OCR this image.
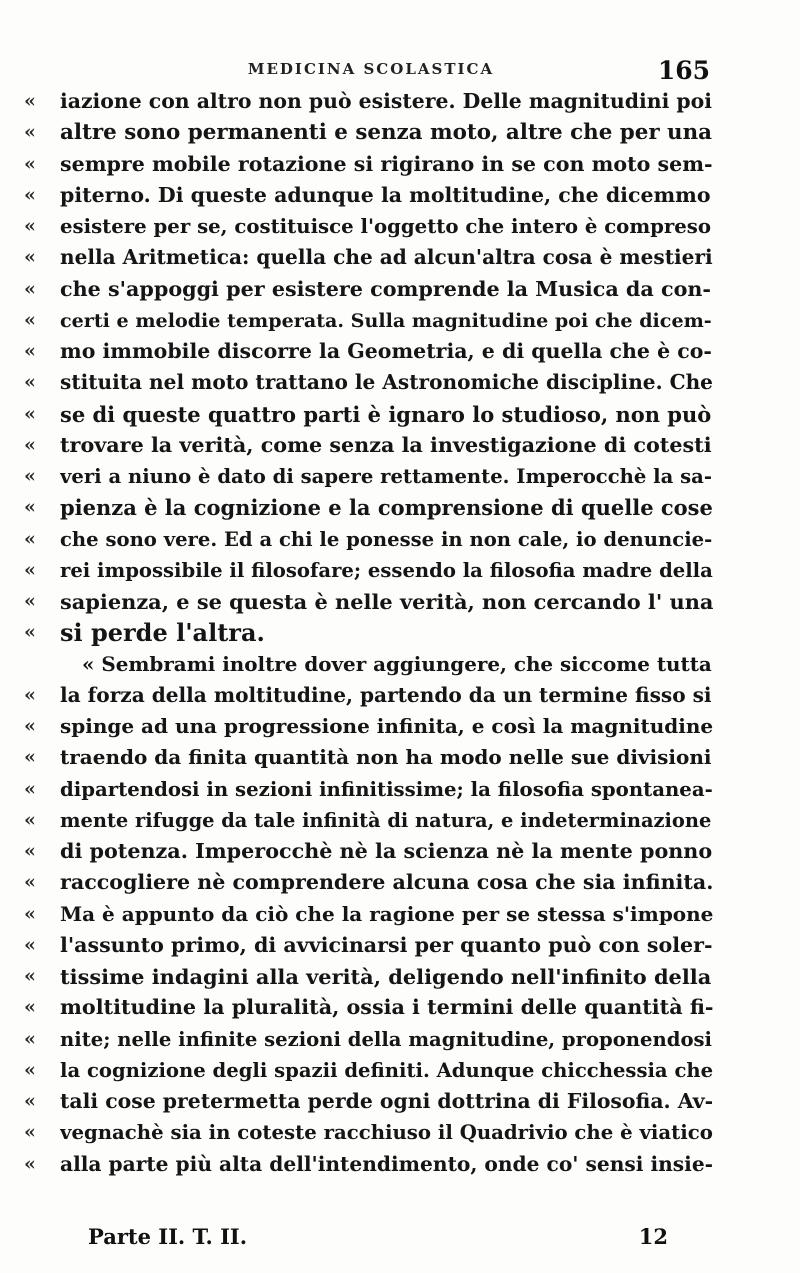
MEDICINA SCOLASTICA	165
«	iazione con altro non può esistere. Delle magnitudini poi
«	altre sono permanenti e senza moto, altre che per una
«	sempre mobile rotazione si rigirano in se con moto sem-
«	piterno. Di queste adunque la moltitudine, che dicemmo
«	esistere per se, costituisce l'oggetto che intero è compreso
«	nella Aritmetica: quella che ad alcun'altra cosa è mestieri
«	che s'appoggi per esistere comprende la Musica da con-
«	certi e melodie temperata. Sulla magnitudine poi che dicem-
«	mo immobile discorre la Geometria, e di quella che è co-
«	stituita nel moto trattano le Astronomiche discipline. Che
«	se di queste quattro parti è ignaro lo studioso, non può
«	trovare la verità, come senza la investigazione di cotesti
«	veri a niuno è dato di sapere rettamente. Imperocchè la sa-
«	pienza è la cognizione e la comprensione di quelle cose
«	che sono vere. Ed a chi le ponesse in non cale, io denuncie-
«	rei impossibile il filosofare; essendo la filosofia madre della
«	sapienza, e se questa è nelle verità, non cercando l' una
«	si perde l'altra.
« Sembrami inoltre dover aggiungere, che siccome tutta
«	la forza della moltitudine, partendo da un termine fisso si
«	spinge ad una progressione infinita, e così la magnitudine
«	traendo da finita quantità non ha modo nelle sue divisioni
«	dipartendosi in sezioni infinitissime; la filosofia spontanea-
«	mente rifugge da tale infinità di natura, e indeterminazione
«	di potenza. Imperocchè nè la scienza nè la mente ponno
«	raccogliere nè comprendere alcuna cosa che sia infinita.
«	Ma è appunto da ciò che la ragione per se stessa s'impone
«	l'assunto primo, di avvicinarsi per quanto può con soler-
«	tissime indagini alla verità, deligendo nell'infinito della
«	moltitudine la pluralità, ossia i termini delle quantità fi-
«	nite; nelle infinite sezioni della magnitudine, proponendosi
«	la cognizione degli spazii definiti. Adunque chicchessia che
«	tali cose pretermetta perde ogni dottrina di Filosofia. Av-
«	vegnachè sia in coteste racchiuso il Quadrivio che è viatico
«	alla parte più alta dell'intendimento, onde co' sensi insie-
Parte II. T. II.	12
